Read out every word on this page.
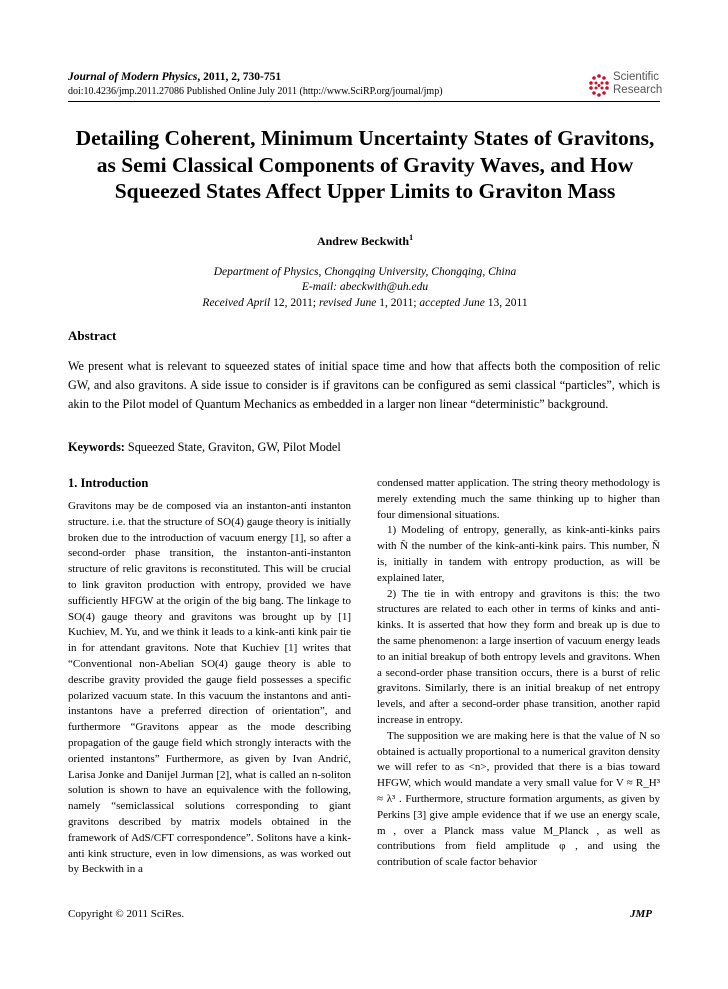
Journal of Modern Physics, 2011, 2, 730-751
doi:10.4236/jmp.2011.27086 Published Online July 2011 (http://www.SciRP.org/journal/jmp)
Scientific
Research
Detailing Coherent, Minimum Uncertainty States of Gravitons, as Semi Classical Components of Gravity Waves, and How Squeezed States Affect Upper Limits to Graviton Mass
Andrew Beckwith$^1$
Department of Physics, Chongqing University, Chongqing, China
E-mail: abeckwith@uh.edu
Received April 12, 2011; revised June 1, 2011; accepted June 13, 2011
Abstract
We present what is relevant to squeezed states of initial space time and how that affects both the composition of relic GW, and also gravitons. A side issue to consider is if gravitons can be configured as semi classical “particles”, which is akin to the Pilot model of Quantum Mechanics as embedded in a larger non linear “deterministic” background.
Keywords: Squeezed State, Graviton, GW, Pilot Model
1. Introduction

Gravitons may be de composed via an instanton-anti instanton structure. i.e. that the structure of SO(4) gauge theory is initially broken due to the introduction of vacuum energy [1], so after a second-order phase transition, the instanton-anti-instanton structure of relic gravitons is reconstituted. This will be crucial to link graviton production with entropy, provided we have sufficiently HFGW at the origin of the big bang. The linkage to SO(4) gauge theory and gravitons was brought up by [1] Kuchiev, M. Yu, and we think it leads to a kink-anti kink pair tie in for attendant gravitons. Note that Kuchiev [1] writes that “Conventional non-Abelian SO(4) gauge theory is able to describe gravity provided the gauge field possesses a specific polarized vacuum state. In this vacuum the instantons and anti-instantons have a preferred direction of orientation”, and furthermore “Gravitons appear as the mode describing propagation of the gauge field which strongly interacts with the oriented instantons” Furthermore, as given by Ivan Andrić, Larisa Jonke and Danijel Jurman [2], what is called an n-soliton solution is shown to have an equivalence with the following, namely “semiclassical solutions corresponding to giant gravitons described by matrix models obtained in the framework of AdS/CFT correspondence”. Solitons have a kink-anti kink structure, even in low dimensions, as was worked out by Beckwith in a

condensed matter application. The string theory methodology is merely extending much the same thinking up to higher than four dimensional situations.

1) Modeling of entropy, generally, as kink-anti-kinks pairs with N̄ the number of the kink-anti-kink pairs. This number, N̄ is, initially in tandem with entropy production, as will be explained later,

2) The tie in with entropy and gravitons is this: the two structures are related to each other in terms of kinks and anti-kinks. It is asserted that how they form and break up is due to the same phenomenon: a large insertion of vacuum energy leads to an initial breakup of both entropy levels and gravitons. When a second-order phase transition occurs, there is a burst of relic gravitons. Similarly, there is an initial breakup of net entropy levels, and after a second-order phase transition, another rapid increase in entropy.

The supposition we are making here is that the value of N so obtained is actually proportional to a numerical graviton density we will refer to as <n>, provided that there is a bias toward HFGW, which would mandate a very small value for V ≈ R_H³ ≈ λ³ . Furthermore, structure formation arguments, as given by Perkins [3] give ample evidence that if we use an energy scale, m , over a Planck mass value M_Planck , as well as contributions from field amplitude φ , and using the contribution of scale factor behavior

Copyright © 2011 SciRes.	JMP
